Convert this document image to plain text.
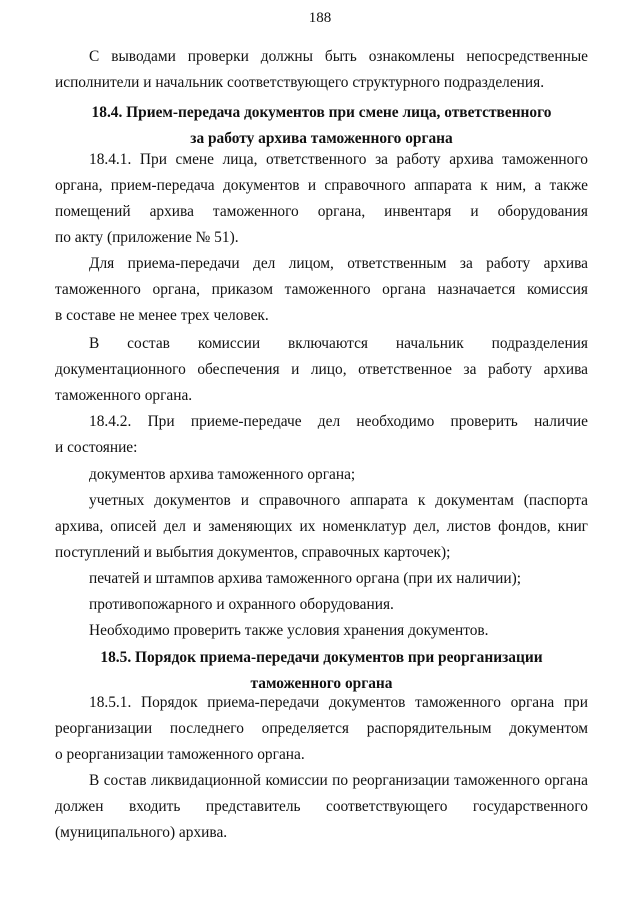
188
С выводами проверки должны быть ознакомлены непосредственные
исполнители и начальник соответствующего структурного подразделения.
18.4. Прием-передача документов при смене лица, ответственного
за работу архива таможенного органа
18.4.1. При смене лица, ответственного за работу архива таможенного
органа, прием-передача документов и справочного аппарата к ним, а также
помещений архива таможенного органа, инвентаря и оборудования
по акту (приложение № 51).
Для приема-передачи дел лицом, ответственным за работу архива
таможенного органа, приказом таможенного органа назначается комиссия
в составе не менее трех человек.
В состав комиссии включаются начальник подразделения
документационного обеспечения и лицо, ответственное за работу архива
таможенного органа.
18.4.2. При приеме-передаче дел необходимо проверить наличие
и состояние:
документов архива таможенного органа;
учетных документов и справочного аппарата к документам (паспорта
архива, описей дел и заменяющих их номенклатур дел, листов фондов, книг
поступлений и выбытия документов, справочных карточек);
печатей и штампов архива таможенного органа (при их наличии);
противопожарного и охранного оборудования.
Необходимо проверить также условия хранения документов.
18.5. Порядок приема-передачи документов при реорганизации
таможенного органа
18.5.1. Порядок приема-передачи документов таможенного органа при
реорганизации последнего определяется распорядительным документом
о реорганизации таможенного органа.
В состав ликвидационной комиссии по реорганизации таможенного органа
должен входить представитель соответствующего государственного
(муниципального) архива.
